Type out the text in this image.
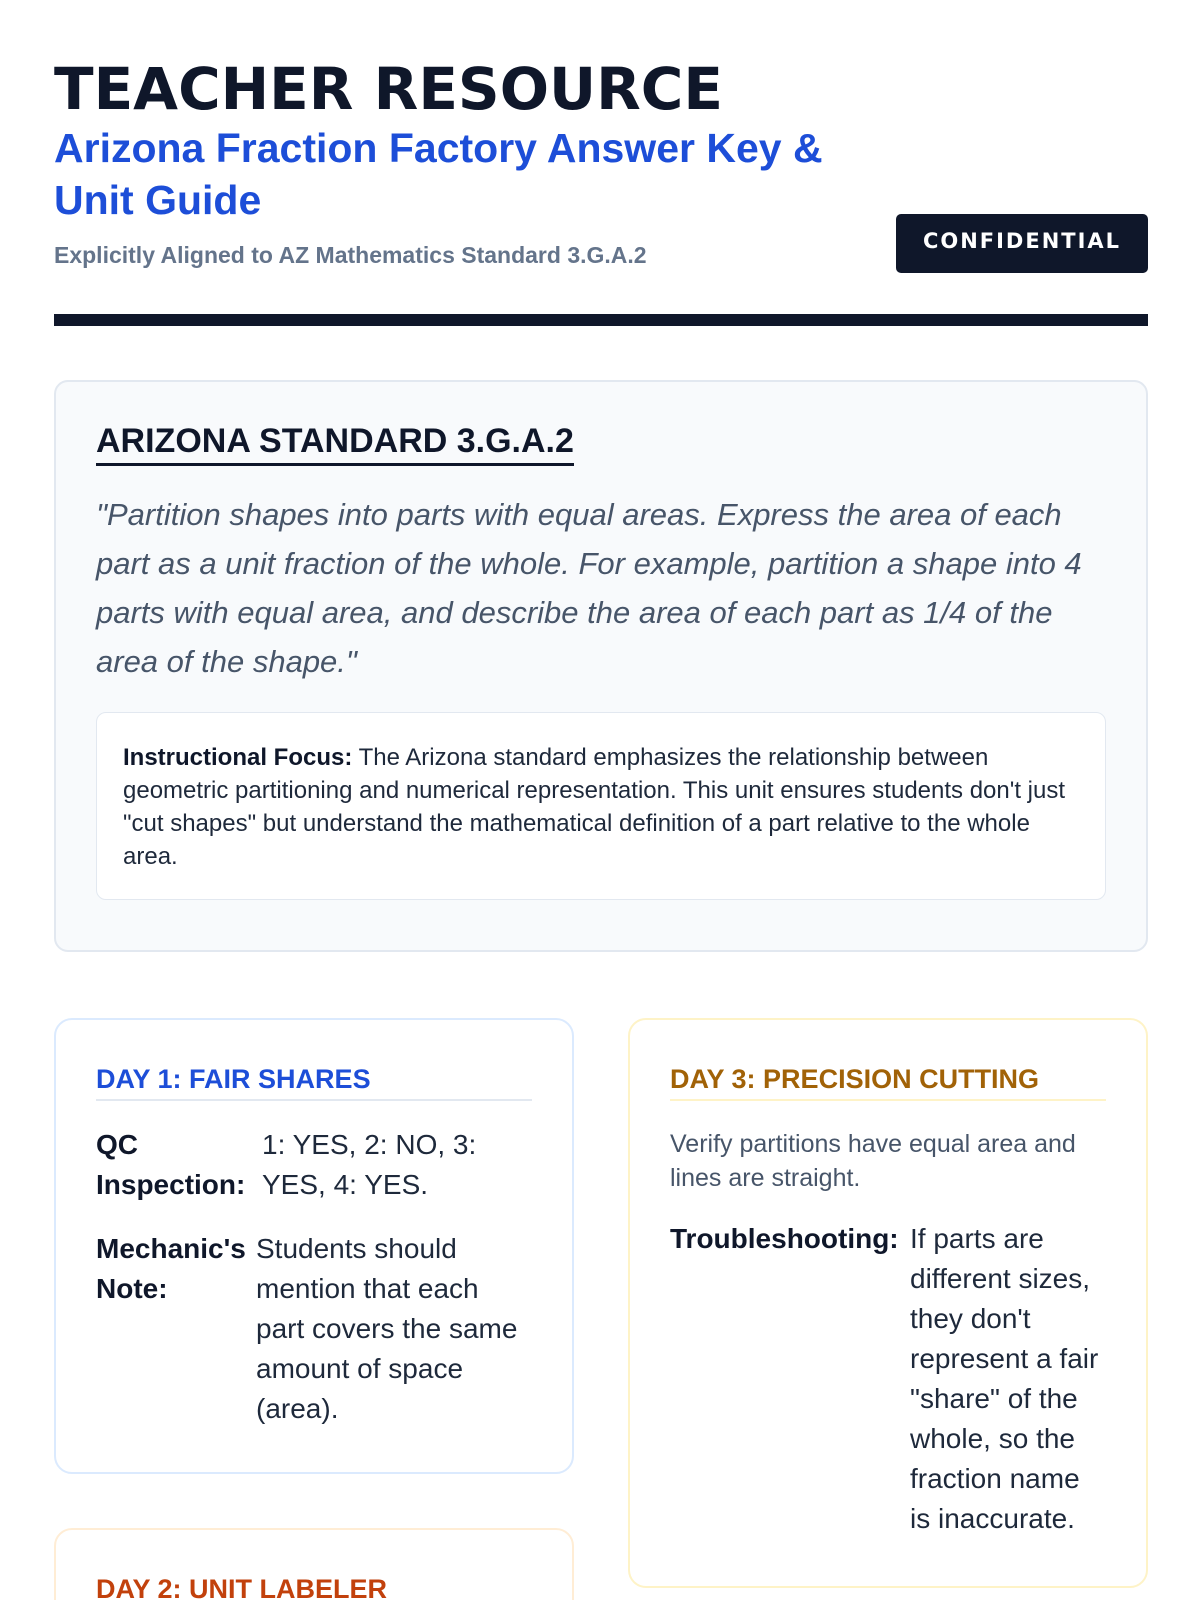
TEACHER RESOURCE
Arizona Fraction Factory Answer Key & Unit Guide
Explicitly Aligned to AZ Mathematics Standard 3.G.A.2
CONFIDENTIAL
ARIZONA STANDARD 3.G.A.2
"Partition shapes into parts with equal areas. Express the area of each part as a unit fraction of the whole. For example, partition a shape into 4 parts with equal area, and describe the area of each part as 1/4 of the area of the shape."
Instructional Focus: The Arizona standard emphasizes the relationship between geometric partitioning and numerical representation. This unit ensures students don't just "cut shapes" but understand the mathematical definition of a part relative to the whole area.
DAY 1: FAIR SHARES
QC Inspection:
1: YES, 2: NO, 3: YES, 4: YES.
Mechanic's Note:
Students should mention that each part covers the same amount of space (area).
DAY 3: PRECISION CUTTING
Verify partitions have equal area and lines are straight.
Troubleshooting: If parts are different sizes, they don't represent a fair "share" of the whole, so the fraction name is inaccurate.
DAY 2: UNIT LABELER
